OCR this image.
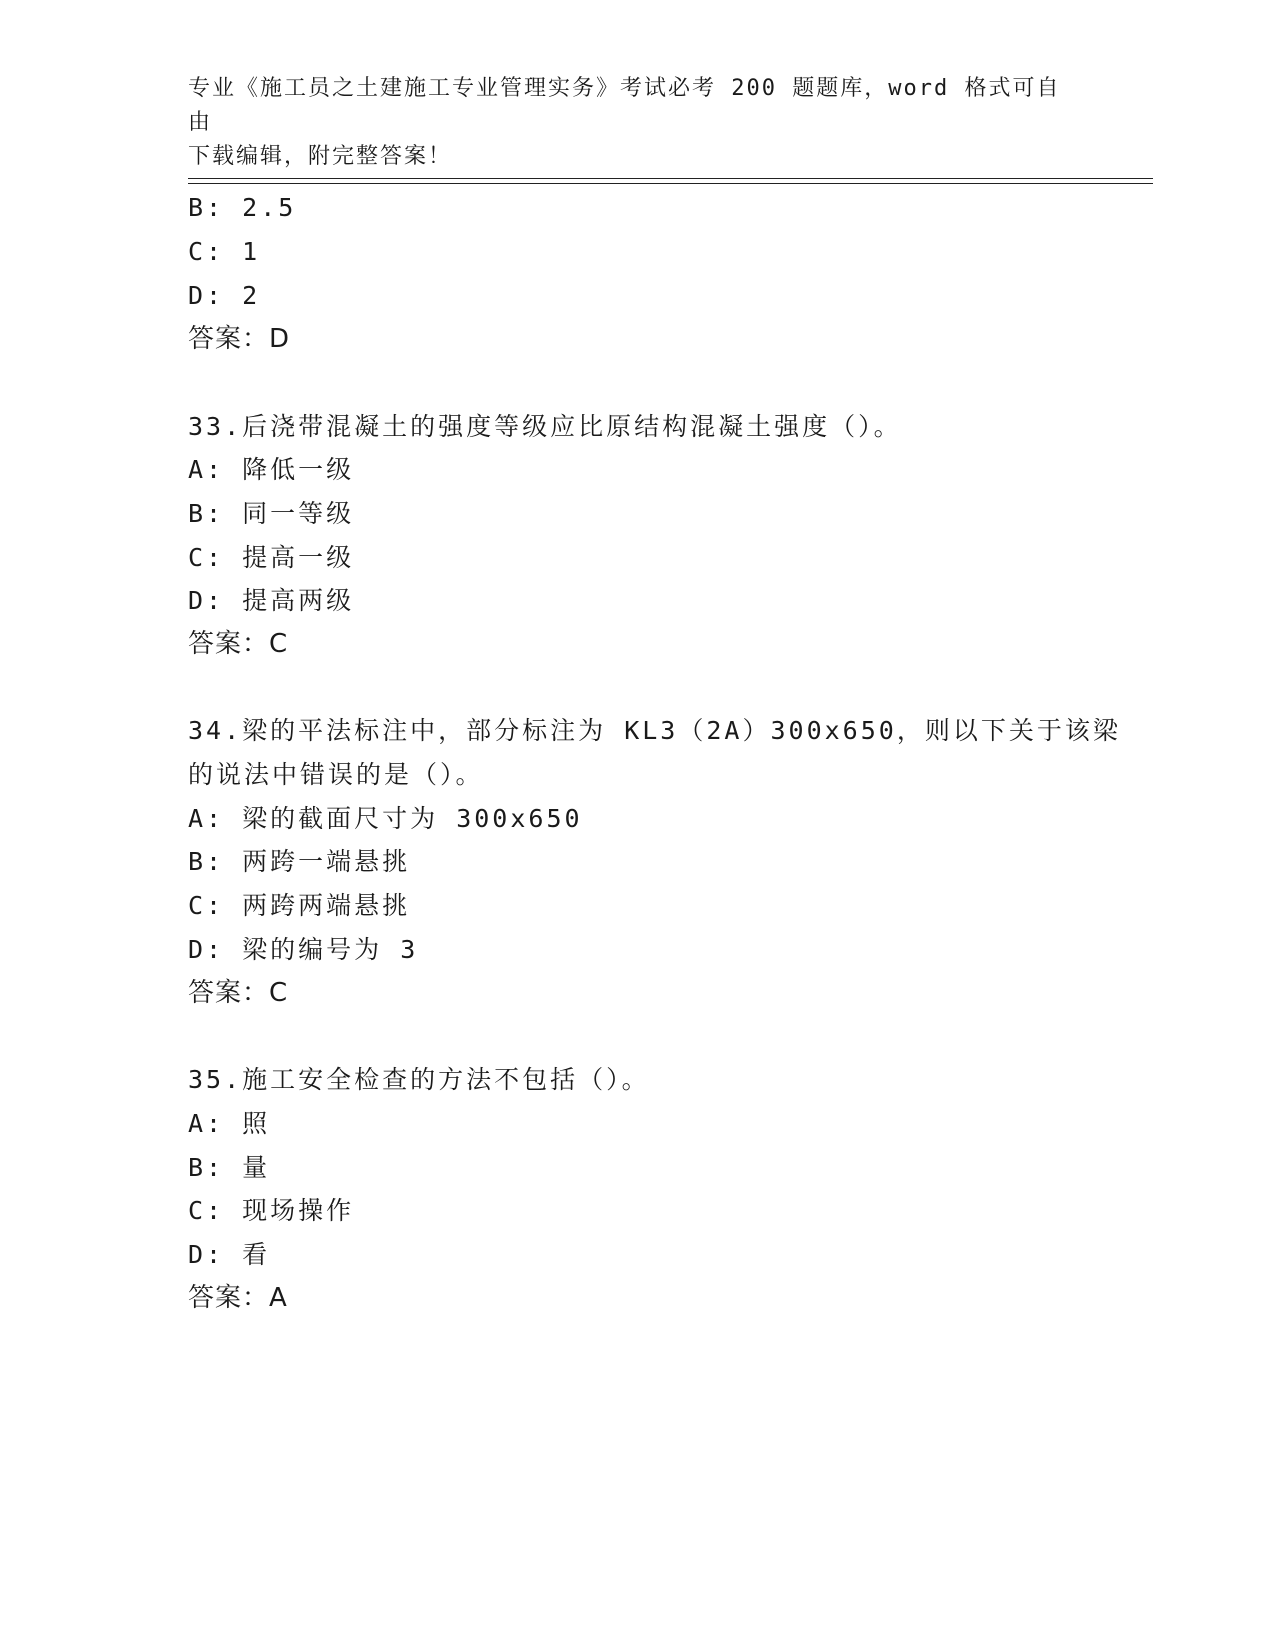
专业《施工员之土建施工专业管理实务》考试必考 200 题题库，word 格式可自由
下载编辑，附完整答案！
B: 2.5
C: 1
D: 2
答案：D
33.后浇带混凝土的强度等级应比原结构混凝土强度（）。
A: 降低一级
B: 同一等级
C: 提高一级
D: 提高两级
答案：C
34.梁的平法标注中，部分标注为 KL3（2A）300x650，则以下关于该梁
的说法中错误的是（）。
A: 梁的截面尺寸为 300x650
B: 两跨一端悬挑
C: 两跨两端悬挑
D: 梁的编号为 3
答案：C
35.施工安全检查的方法不包括（）。
A: 照
B: 量
C: 现场操作
D: 看
答案：A
